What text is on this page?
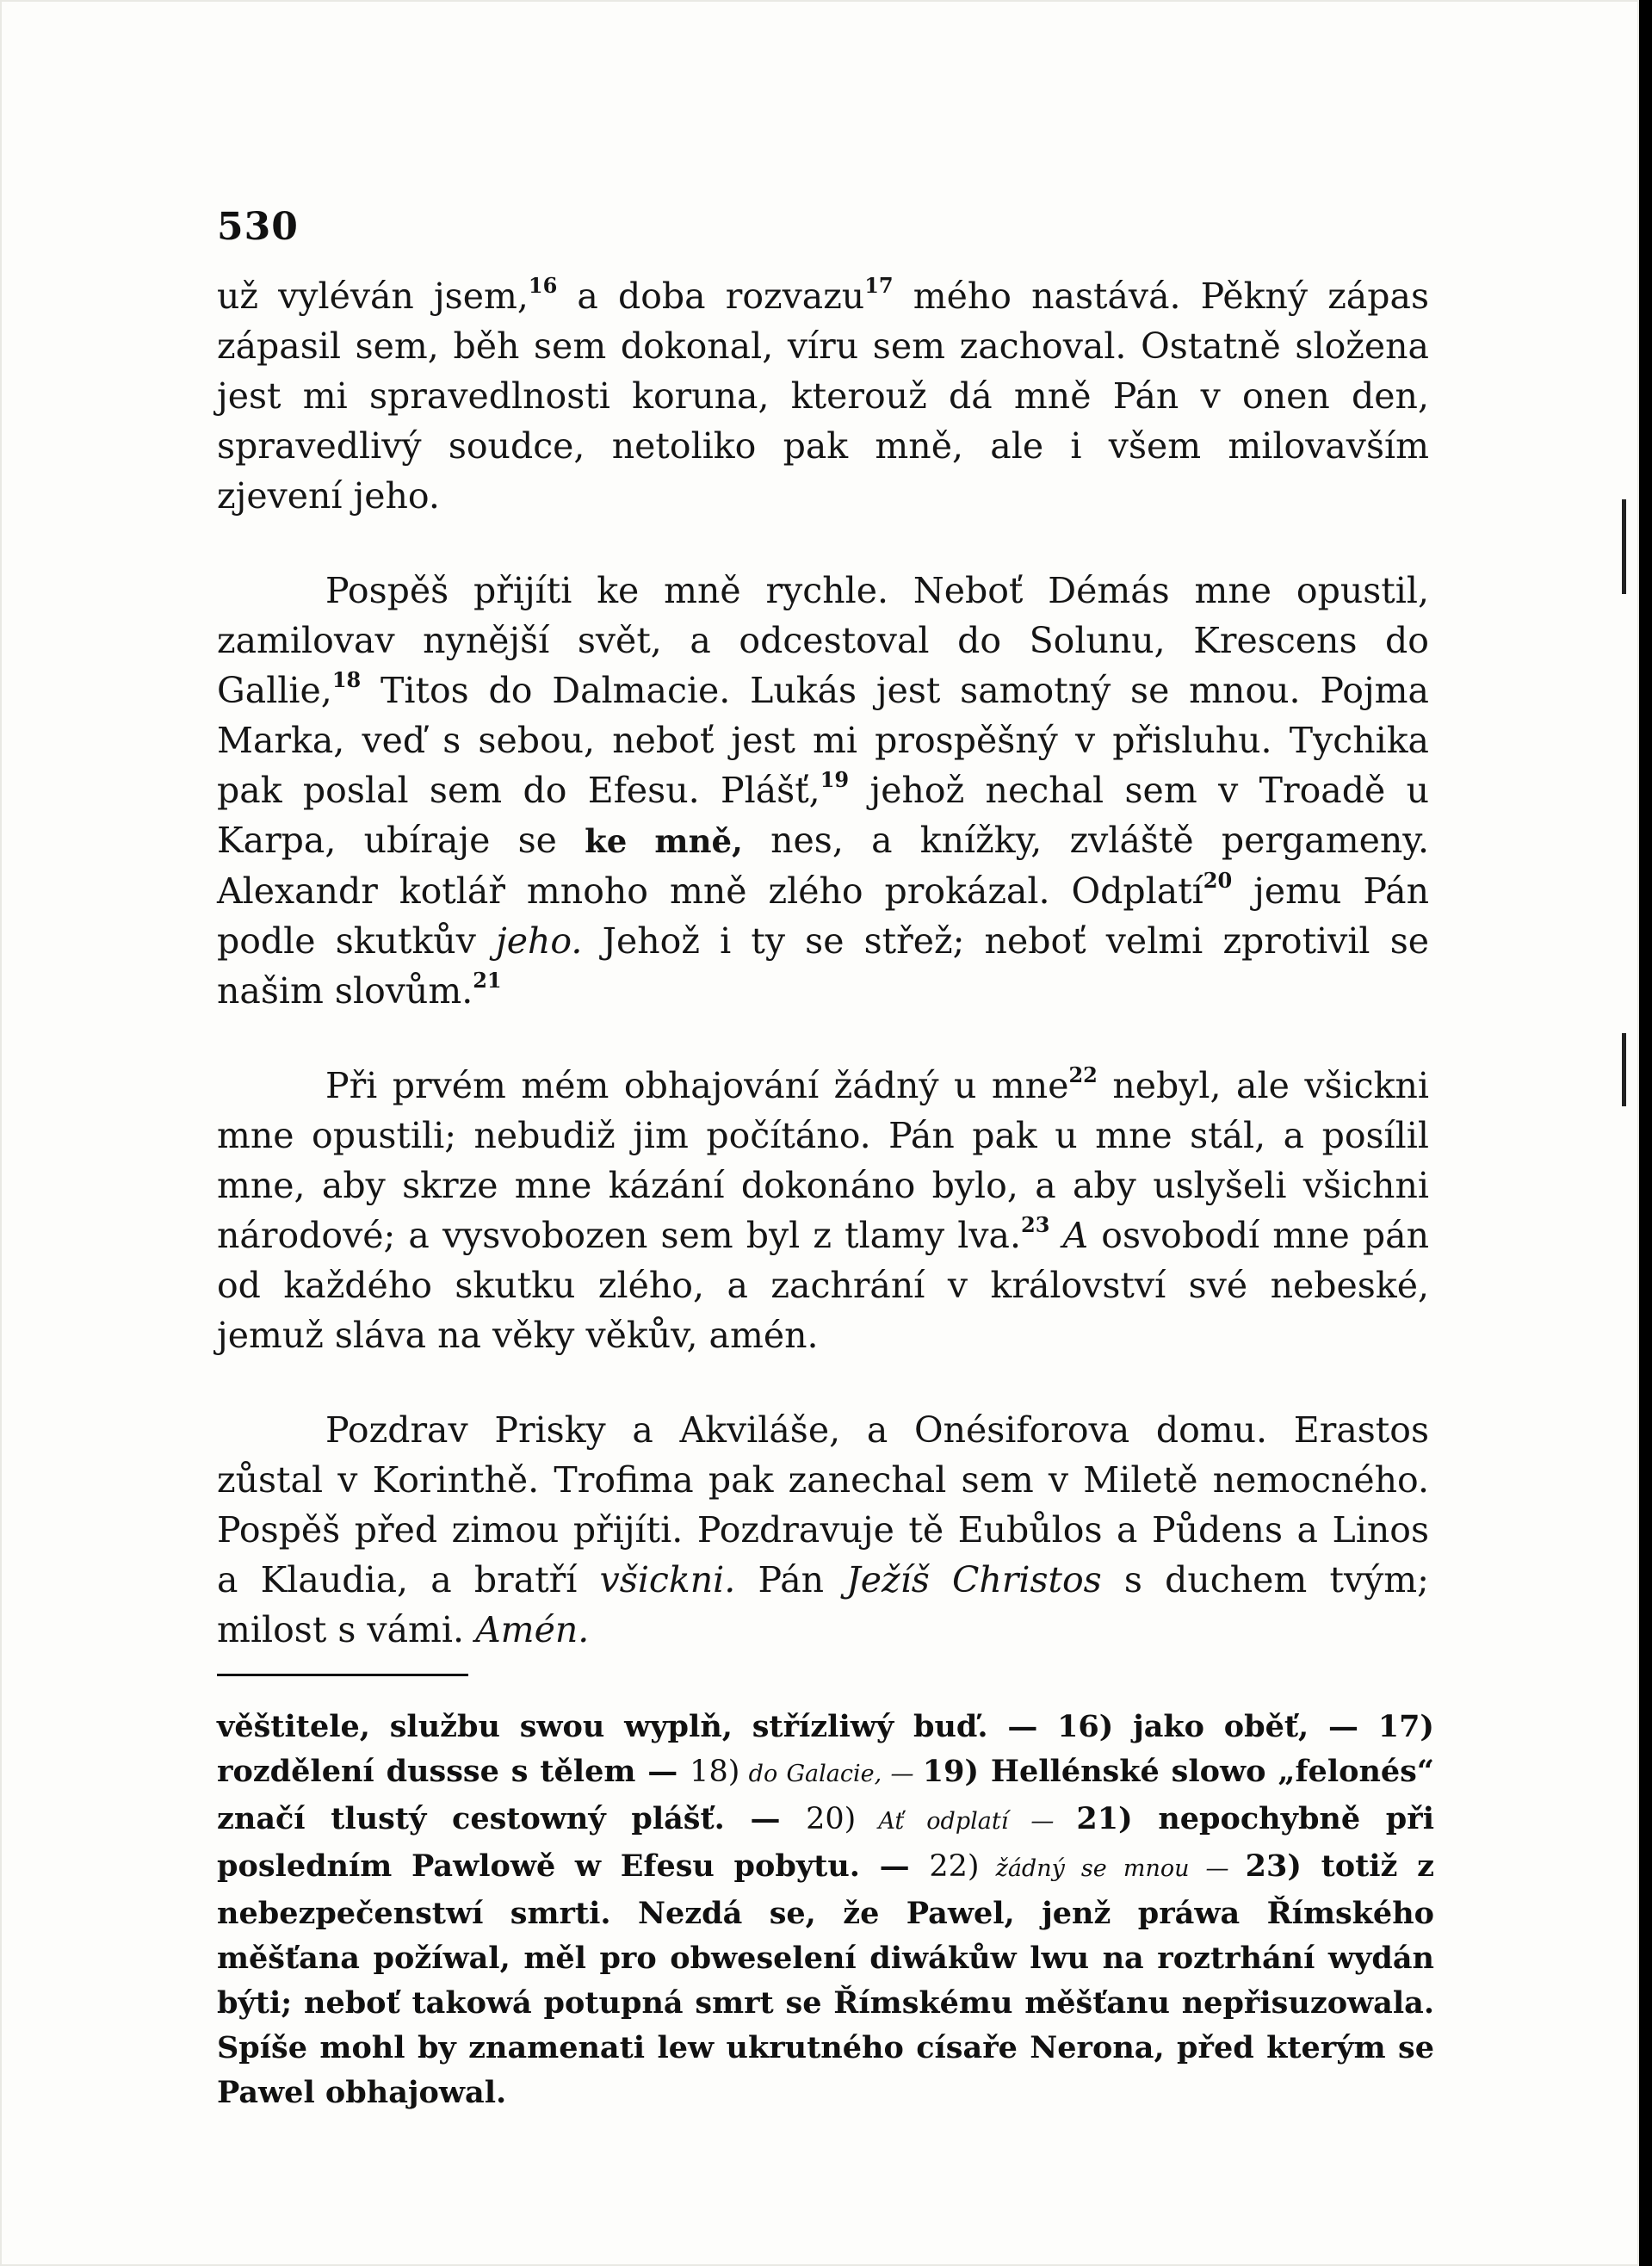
530

už vyléván jsem,$^{16}$ a doba rozvazu$^{17}$ mého nastává. Pěkný zápas zápasil sem, běh sem dokonal, víru sem zachoval. Ostatně složena jest mi spravedlnosti koruna, kterouž dá mně Pán v onen den, spravedlivý soudce, netoliko pak mně, ale i všem milovavším zjevení jeho.

Pospěš přijíti ke mně rychle. Neboť Démás mne opustil, zamilovav nynější svět, a odcestoval do Solunu, Krescens do Gallie,$^{18}$ Titos do Dalmacie. Lukás jest samotný se mnou. Pojma Marka, veď s sebou, neboť jest mi prospěšný v přisluhu. Tychika pak poslal sem do Efesu. Plášť,$^{19}$ jehož nechal sem v Troadě u Karpa, ubíraje se ke mně, nes, a knížky, zvláště pergameny. Alexandr kotlář mnoho mně zlého prokázal. Odplatí$^{20}$ jemu Pán podle skutkův jeho. Jehož i ty se střež; neboť velmi zprotivil se našim slovům.$^{21}$

Při prvém mém obhajování žádný u mne$^{22}$ nebyl, ale všickni mne opustili; nebudiž jim počítáno. Pán pak u mne stál, a posílil mne, aby skrze mne kázání dokonáno bylo, a aby uslyšeli všichni národové; a vysvobozen sem byl z tlamy lva.$^{23}$ A osvobodí mne pán od každého skutku zlého, a zachrání v království své nebeské, jemuž sláva na věky věkův, amén.

Pozdrav Prisky a Akviláše, a Onésiforova domu. Erastos zůstal v Korinthě. Trofima pak zanechal sem v Miletě nemocného. Pospěš před zimou přijíti. Pozdravuje tě Eubůlos a Půdens a Linos a Klaudia, a bratří všickni. Pán Ježíš Christos s duchem tvým; milost s vámi. Amén.

věštitele, službu swou wyplň, střízliwý buď. — 16) jako oběť, — 17) rozdělení dussse s tělem — 18) do Galacie, — 19) Hellénské slowo „felonés“ značí tlustý cestowný plášť. — 20) Ať odplatí — 21) nepochybně při posledním Pawlowě w Efesu pobytu. — 22) žádný se mnou — 23) totiž z nebezpečenstwí smrti. Nezdá se, že Pawel, jenž práwa Římského měšťana požíwal, měl pro obweselení diwákůw lwu na roztrhání wydán býti; neboť takowá potupná smrt se Římskému měšťanu nepřisuzowala. Spíše mohl by znamenati lew ukrutného císaře Nerona, před kterým se Pawel obhajowal.
